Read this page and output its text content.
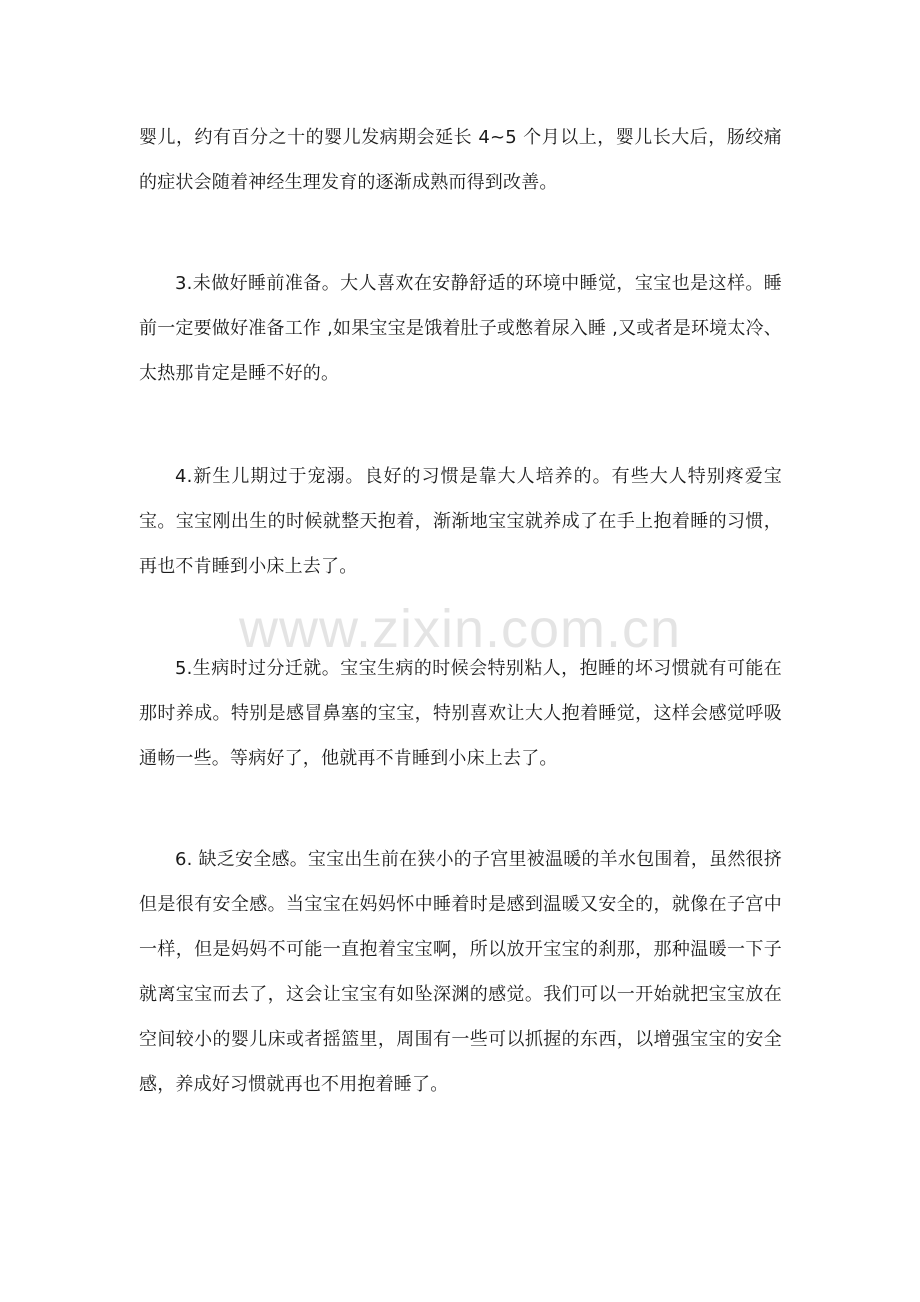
婴儿，约有百分之十的婴儿发病期会延长 4~5 个月以上，婴儿长大后，肠绞痛的症状会随着神经生理发育的逐渐成熟而得到改善。

3.未做好睡前准备。大人喜欢在安静舒适的环境中睡觉，宝宝也是这样。睡前一定要做好准备工作 ,如果宝宝是饿着肚子或憋着尿入睡 ,又或者是环境太冷、太热那肯定是睡不好的。

4.新生儿期过于宠溺。良好的习惯是靠大人培养的。有些大人特别疼爱宝宝。宝宝刚出生的时候就整天抱着，渐渐地宝宝就养成了在手上抱着睡的习惯，再也不肯睡到小床上去了。

5.生病时过分迁就。宝宝生病的时候会特别粘人，抱睡的坏习惯就有可能在那时养成。特别是感冒鼻塞的宝宝，特别喜欢让大人抱着睡觉，这样会感觉呼吸通畅一些。等病好了，他就再不肯睡到小床上去了。

6. 缺乏安全感。宝宝出生前在狭小的子宫里被温暖的羊水包围着，虽然很挤但是很有安全感。当宝宝在妈妈怀中睡着时是感到温暖又安全的，就像在子宫中一样，但是妈妈不可能一直抱着宝宝啊，所以放开宝宝的刹那，那种温暖一下子就离宝宝而去了，这会让宝宝有如坠深渊的感觉。我们可以一开始就把宝宝放在空间较小的婴儿床或者摇篮里，周围有一些可以抓握的东西，以增强宝宝的安全感，养成好习惯就再也不用抱着睡了。

www.zixin.com.cn
